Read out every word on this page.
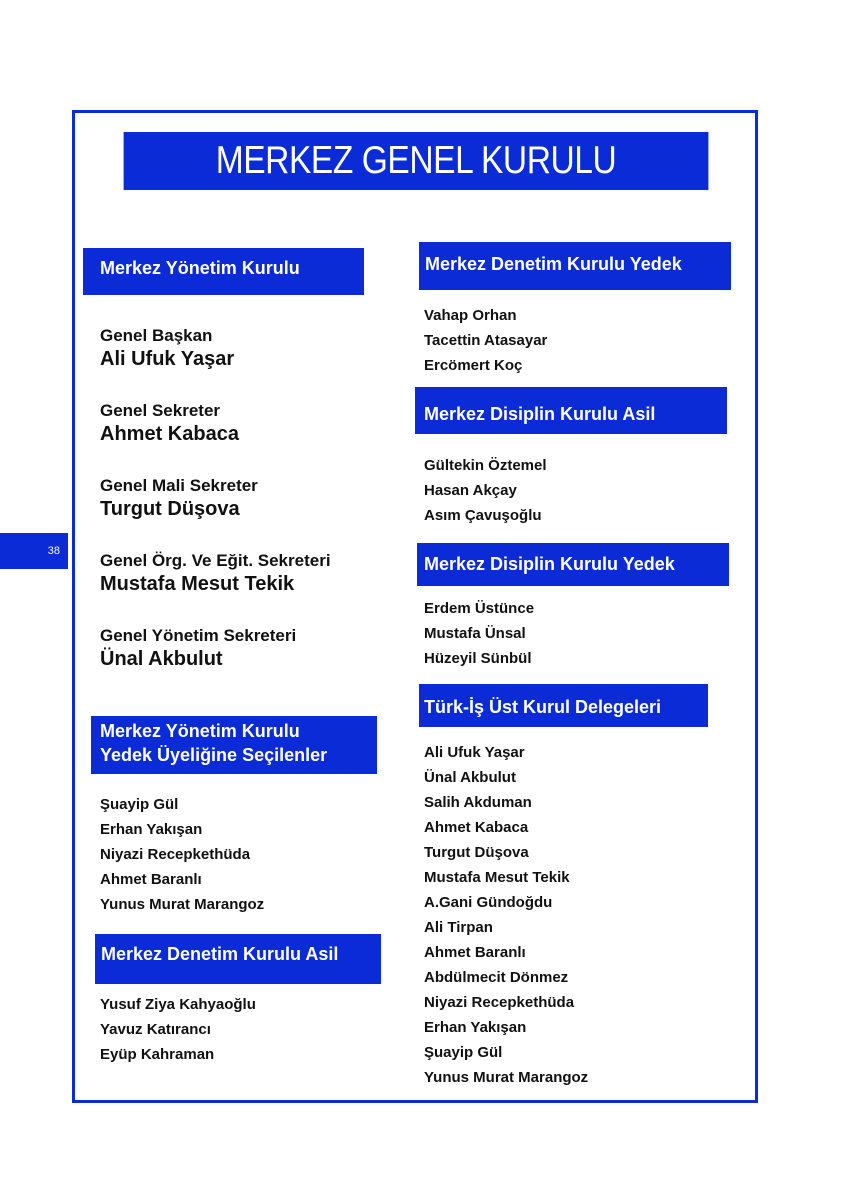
MERKEZ GENEL KURULU SONUÇLARI
38
Merkez Yönetim Kurulu
Genel Başkan
Ali Ufuk Yaşar
Genel Sekreter
Ahmet Kabaca
Genel Mali Sekreter
Turgut Düşova
Genel Örg. Ve Eğit. Sekreteri
Mustafa Mesut Tekik
Genel Yönetim Sekreteri
Ünal Akbulut
Merkez Yönetim Kurulu
Yedek Üyeliğine Seçilenler
Şuayip Gül
Erhan Yakışan
Niyazi Recepkethüda
Ahmet Baranlı
Yunus Murat Marangoz
Merkez Denetim Kurulu Asil
Yusuf Ziya Kahyaoğlu
Yavuz Katırancı
Eyüp Kahraman
Merkez Denetim Kurulu Yedek
Vahap Orhan
Tacettin Atasayar
Ercömert Koç
Merkez Disiplin Kurulu Asil
Gültekin Öztemel
Hasan Akçay
Asım Çavuşoğlu
Merkez Disiplin Kurulu Yedek
Erdem Üstünce
Mustafa Ünsal
Hüzeyil Sünbül
Türk-İş Üst Kurul Delegeleri
Ali Ufuk Yaşar
Ünal Akbulut
Salih Akduman
Ahmet Kabaca
Turgut Düşova
Mustafa Mesut Tekik
A.Gani Gündoğdu
Ali Tirpan
Ahmet Baranlı
Abdülmecit Dönmez
Niyazi Recepkethüda
Erhan Yakışan
Şuayip Gül
Yunus Murat Marangoz
